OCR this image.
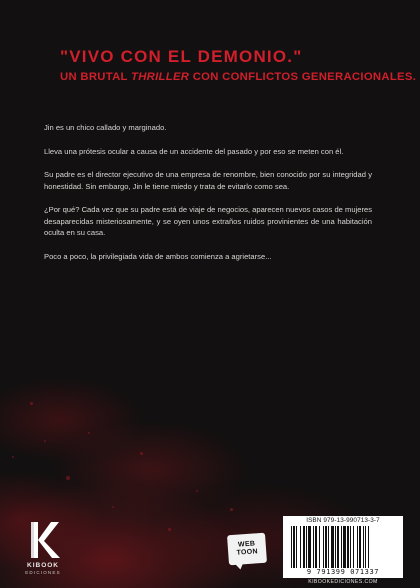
"VIVO CON EL DEMONIO."
UN BRUTAL THRILLER CON CONFLICTOS GENERACIONALES.

Jin es un chico callado y marginado.

Lleva una prótesis ocular a causa de un accidente del pasado y por eso se meten con él.

Su padre es el director ejecutivo de una empresa de renombre, bien conocido por su integridad y honestidad. Sin embargo, Jin le tiene miedo y trata de evitarlo como sea.

¿Por qué? Cada vez que su padre está de viaje de negocios, aparecen nuevos casos de mujeres desaparecidas misteriosamente, y se oyen unos extraños ruidos provinientes de una habitación oculta en su casa.

Poco a poco, la privilegiada vida de ambos comienza a agrietarse...

KIBOOK
EDICIONES
WEB
TOON
ISBN 979-13-990713-3-7
9 791399 071337
KIBOOKEDICIONES.COM
